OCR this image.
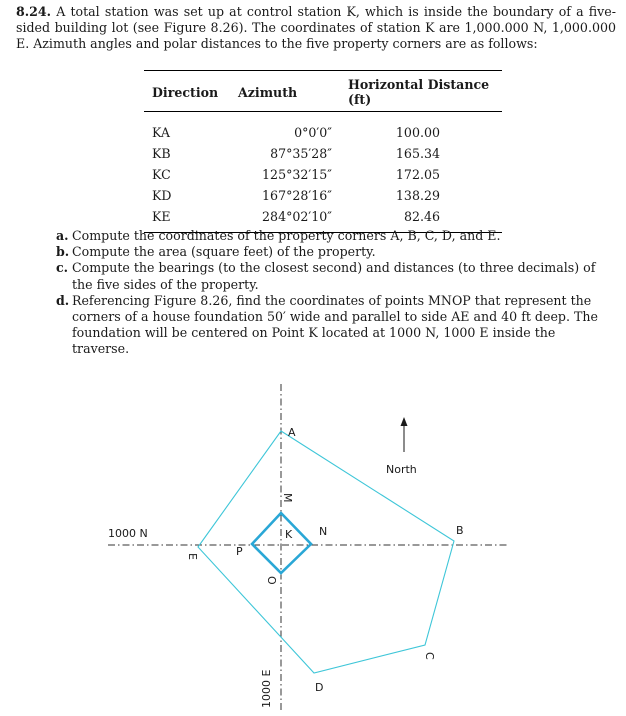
8.24. A total station was set up at control station K, which is inside the boundary of a five-sided building lot (see Figure 8.26). The coordinates of station K are 1,000.000 N, 1,000.000 E. Azimuth angles and polar distances to the five property corners are as follows:
Direction	Azimuth	Horizontal Distance (ft)
KA	0°0′0″	100.00
KB	87°35′28″	165.34
KC	125°32′15″	172.05
KD	167°28′16″	138.29
KE	284°02′10″	82.46

a. Compute the coordinates of the property corners A, B, C, D, and E.

b. Compute the area (square feet) of the property.

c. Compute the bearings (to the closest second) and distances (to three decimals) of the five sides of the property.

d. Referencing Figure 8.26, find the coordinates of points MNOP that represent the corners of a house foundation 50′ wide and parallel to side AE and 40 ft deep. The foundation will be centered on Point K located at 1000 N, 1000 E inside the traverse.

A
B
C
D
E
K
M
N
O
P
North
1000 N
1000 E
